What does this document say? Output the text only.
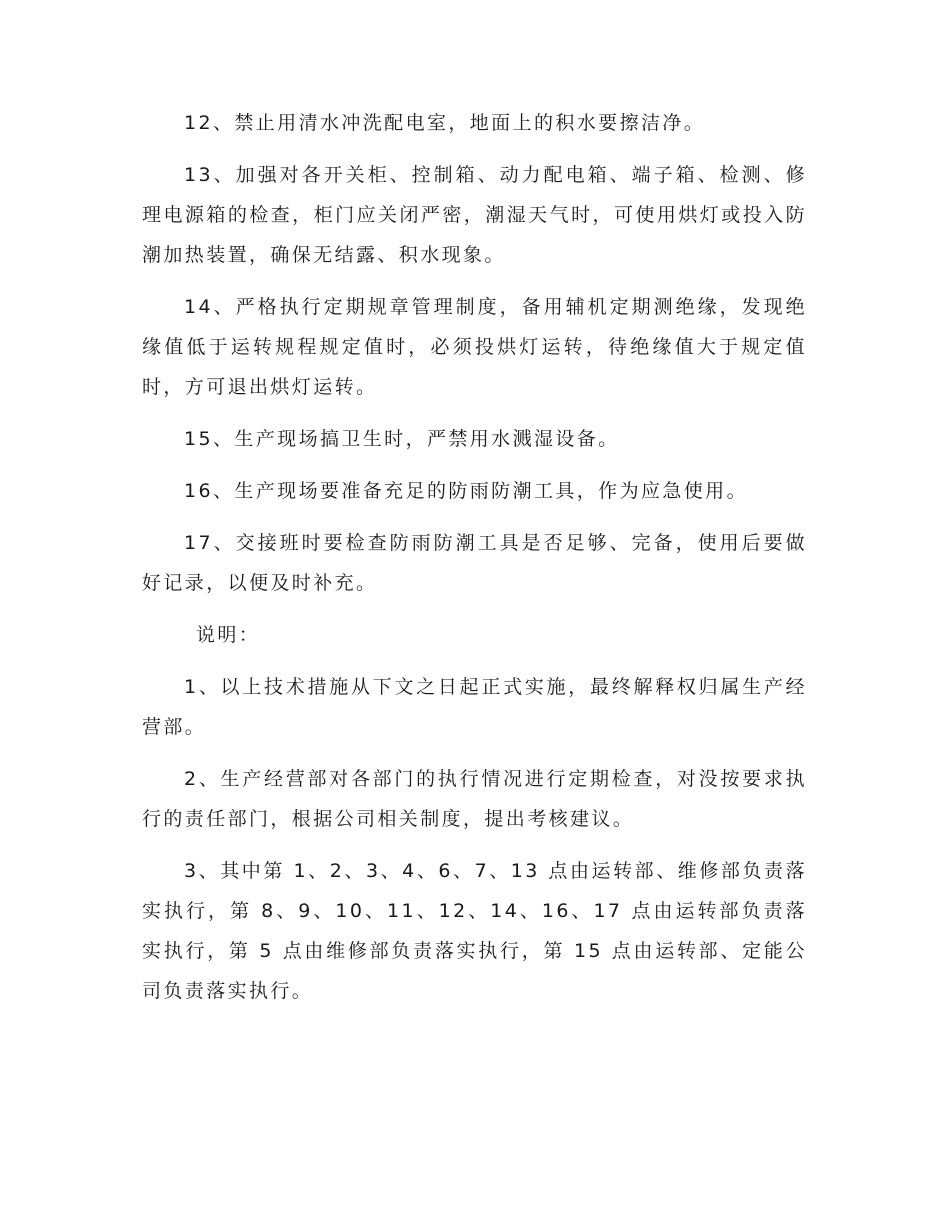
12、禁止用清水冲洗配电室，地面上的积水要擦洁净。

13、加强对各开关柜、控制箱、动力配电箱、端子箱、检测、修理电源箱的检查，柜门应关闭严密，潮湿天气时，可使用烘灯或投入防潮加热装置，确保无结露、积水现象。

14、严格执行定期规章管理制度，备用辅机定期测绝缘，发现绝缘值低于运转规程规定值时，必须投烘灯运转，待绝缘值大于规定值时，方可退出烘灯运转。

15、生产现场搞卫生时，严禁用水溅湿设备。

16、生产现场要准备充足的防雨防潮工具，作为应急使用。

17、交接班时要检查防雨防潮工具是否足够、完备，使用后要做好记录，以便及时补充。

说明：

1、以上技术措施从下文之日起正式实施，最终解释权归属生产经营部。

2、生产经营部对各部门的执行情况进行定期检查，对没按要求执行的责任部门，根据公司相关制度，提出考核建议。

3、其中第 1、2、3、4、6、7、13 点由运转部、维修部负责落实执行，第 8、9、10、11、12、14、16、17 点由运转部负责落实执行，第 5 点由维修部负责落实执行，第 15 点由运转部、定能公司负责落实执行。
